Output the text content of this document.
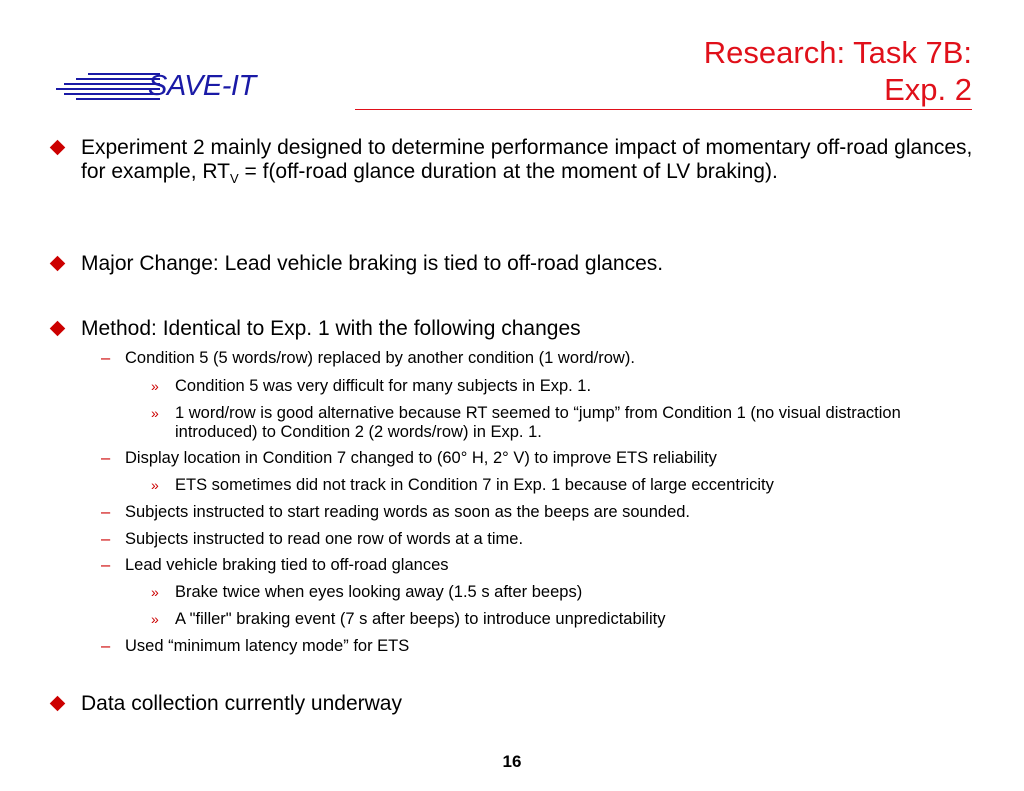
SAVE-IT
Research: Task 7B:
Exp. 2
Experiment 2 mainly designed to determine performance impact of momentary off-road glances, for example, $RT_V$ = f(off-road glance duration at the moment of LV braking).
Major Change: Lead vehicle braking is tied to off-road glances.
Method: Identical to Exp. 1 with the following changes
– Condition 5 (5 words/row) replaced by another condition (1 word/row).
» Condition 5 was very difficult for many subjects in Exp. 1.
» 1 word/row is good alternative because RT seemed to “jump” from Condition 1 (no visual distraction introduced) to Condition 2 (2 words/row) in Exp. 1.
– Display location in Condition 7 changed to (60° H, 2° V) to improve ETS reliability
» ETS sometimes did not track in Condition 7 in Exp. 1 because of large eccentricity
– Subjects instructed to start reading words as soon as the beeps are sounded.
– Subjects instructed to read one row of words at a time.
– Lead vehicle braking tied to off-road glances
» Brake twice when eyes looking away (1.5 s after beeps)
» A "filler" braking event (7 s after beeps) to introduce unpredictability
– Used “minimum latency mode” for ETS
Data collection currently underway
16
